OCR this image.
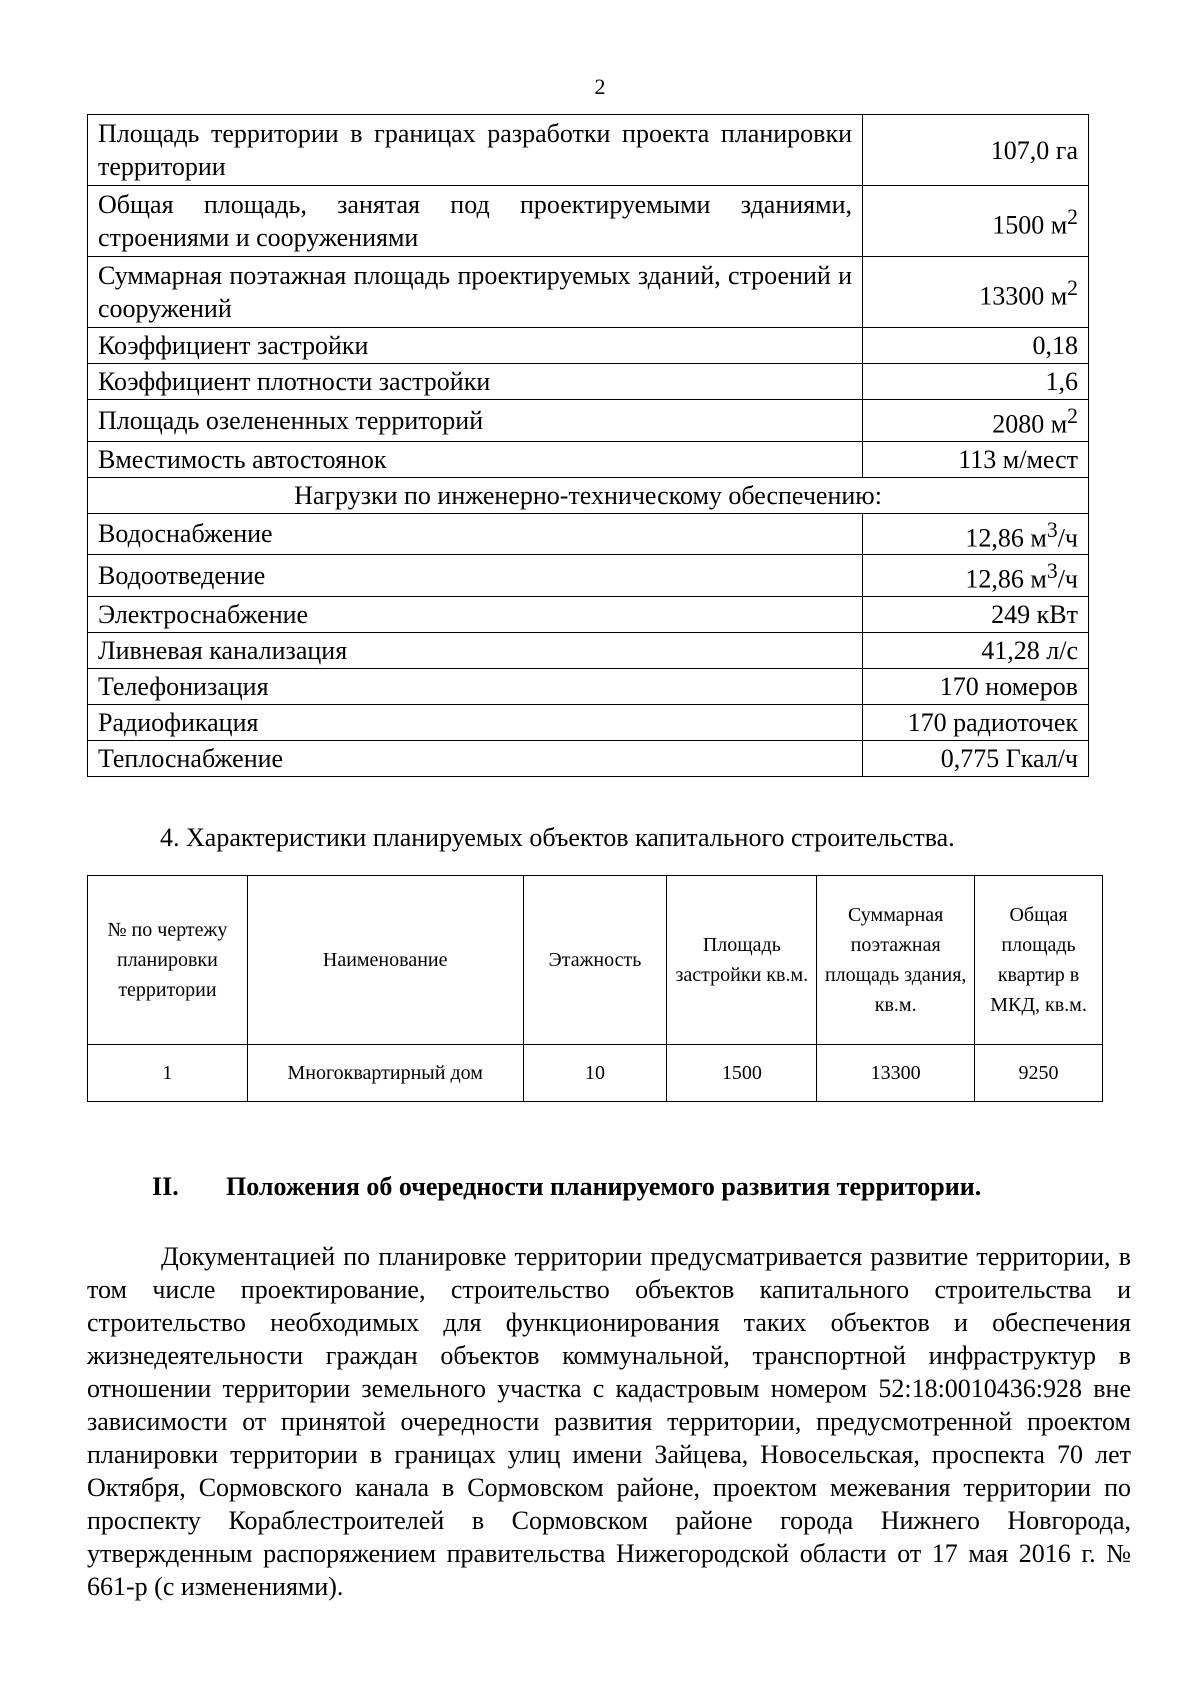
2
Площадь территории в границах разработки проекта планировки территории	107,0 га
Общая площадь, занятая под проектируемыми зданиями, строениями и сооружениями	1500 $м^2$
Суммарная поэтажная площадь проектируемых зданий, строений и сооружений	13300 $м^2$
Коэффициент застройки	0,18
Коэффициент плотности застройки	1,6
Площадь озелененных территорий	2080 $м^2$
Вместимость автостоянок	113 м/мест
Нагрузки по инженерно-техническому обеспечению:	
Водоснабжение	12,86 $м^3/ч$
Водоотведение	12,86 $м^3/ч$
Электроснабжение	249 кВт
Ливневая канализация	41,28 л/с
Телефонизация	170 номеров
Радиофикация	170 радиоточек
Теплоснабжение	0,775 Гкал/ч
4. Характеристики планируемых объектов капитального строительства.
№ по чертежу планировки территории	Наименование	Этажность	Площадь застройки кв.м.	Суммарная поэтажная площадь здания, кв.м.	Общая площадь квартир в МКД, кв.м.
1	Многоквартирный дом	10	1500	13300	9250
II. Положения об очередности планируемого развития территории.

Документацией по планировке территории предусматривается развитие территории, в том числе проектирование, строительство объектов капитального строительства и строительство необходимых для функционирования таких объектов и обеспечения жизнедеятельности граждан объектов коммунальной, транспортной инфраструктур в отношении территории земельного участка с кадастровым номером 52:18:0010436:928 вне зависимости от принятой очередности развития территории, предусмотренной проектом планировки территории в границах улиц имени Зайцева, Новосельская, проспекта 70 лет Октября, Сормовского канала в Сормовском районе, проектом межевания территории по проспекту Кораблестроителей в Сормовском районе города Нижнего Новгорода, утвержденным распоряжением правительства Нижегородской области от 17 мая 2016 г. № 661-р (с изменениями).
